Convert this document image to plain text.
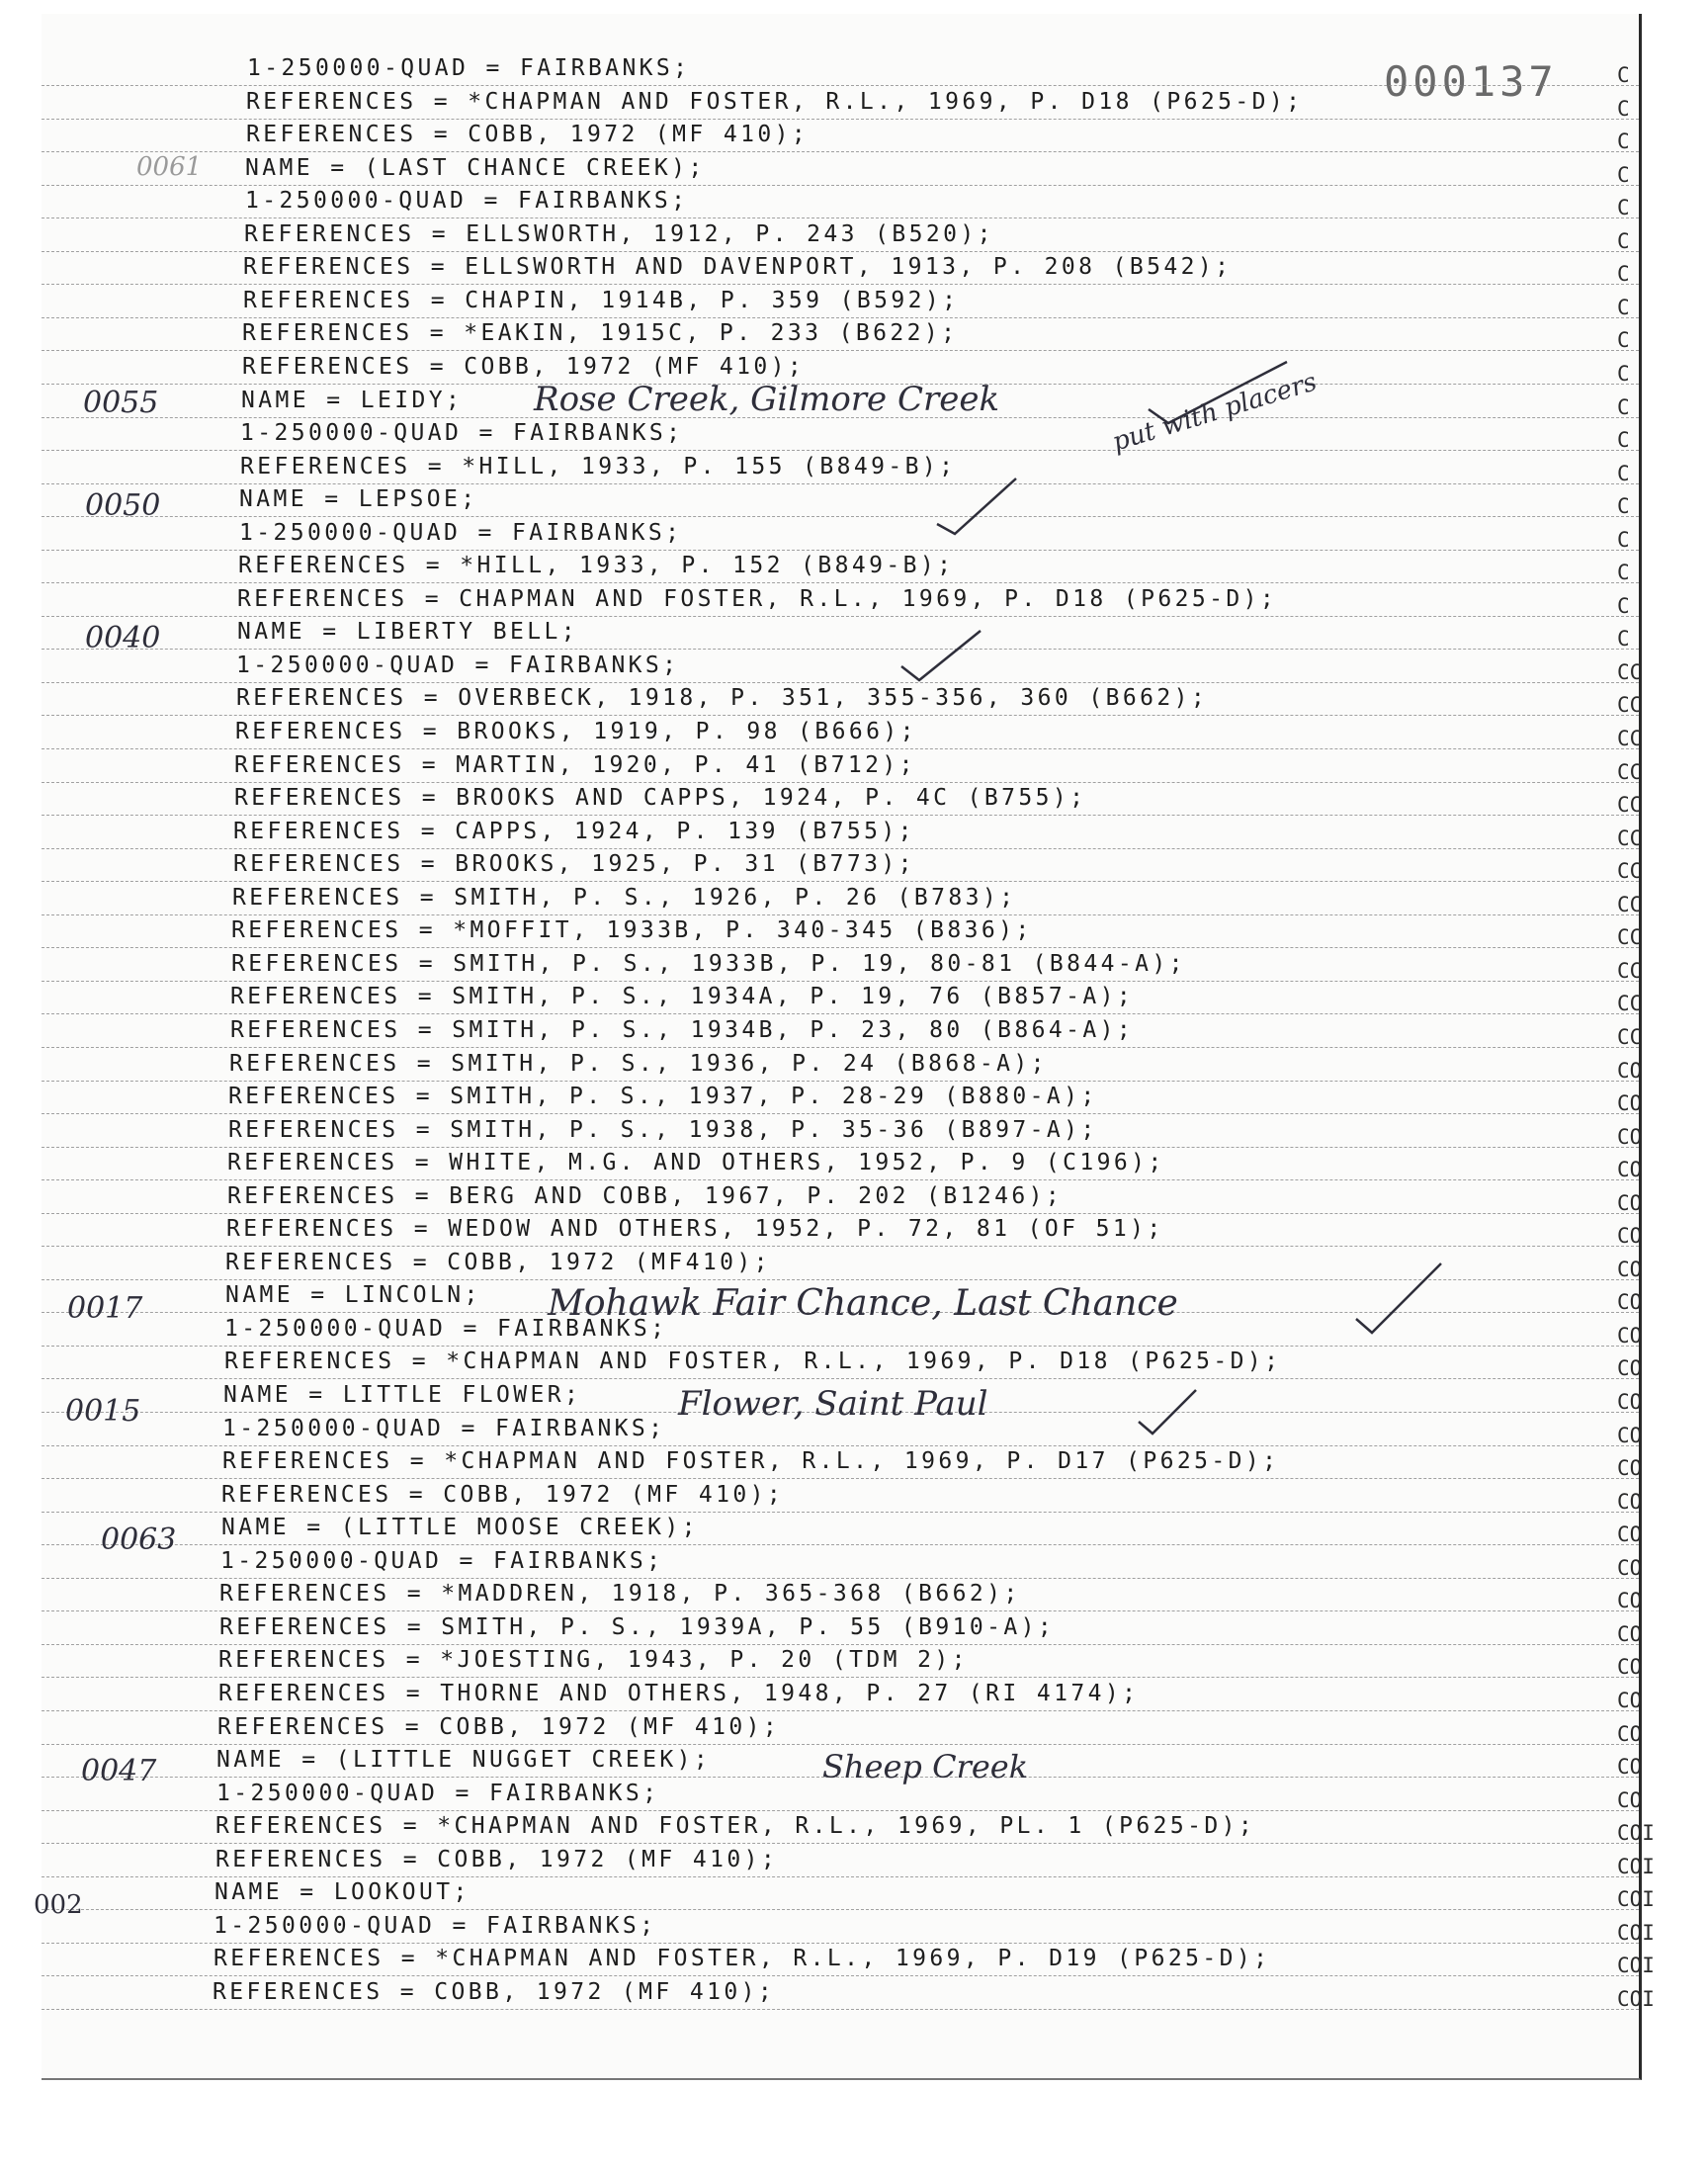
000137
1-250000-QUAD = FAIRBANKS;
REFERENCES = *CHAPMAN AND FOSTER, R.L., 1969, P. D18 (P625-D);
REFERENCES = COBB, 1972 (MF 410);
NAME = (LAST CHANCE CREEK);
1-250000-QUAD = FAIRBANKS;
REFERENCES = ELLSWORTH, 1912, P. 243 (B520);
REFERENCES = ELLSWORTH AND DAVENPORT, 1913, P. 208 (B542);
REFERENCES = CHAPIN, 1914B, P. 359 (B592);
REFERENCES = *EAKIN, 1915C, P. 233 (B622);
REFERENCES = COBB, 1972 (MF 410);
NAME = LEIDY;
1-250000-QUAD = FAIRBANKS;
REFERENCES = *HILL, 1933, P. 155 (B849-B);
NAME = LEPSOE;
1-250000-QUAD = FAIRBANKS;
REFERENCES = *HILL, 1933, P. 152 (B849-B);
REFERENCES = CHAPMAN AND FOSTER, R.L., 1969, P. D18 (P625-D);
NAME = LIBERTY BELL;
1-250000-QUAD = FAIRBANKS;
REFERENCES = OVERBECK, 1918, P. 351, 355-356, 360 (B662);
REFERENCES = BROOKS, 1919, P. 98 (B666);
REFERENCES = MARTIN, 1920, P. 41 (B712);
REFERENCES = BROOKS AND CAPPS, 1924, P. 4C (B755);
REFERENCES = CAPPS, 1924, P. 139 (B755);
REFERENCES = BROOKS, 1925, P. 31 (B773);
REFERENCES = SMITH, P. S., 1926, P. 26 (B783);
REFERENCES = *MOFFIT, 1933B, P. 340-345 (B836);
REFERENCES = SMITH, P. S., 1933B, P. 19, 80-81 (B844-A);
REFERENCES = SMITH, P. S., 1934A, P. 19, 76 (B857-A);
REFERENCES = SMITH, P. S., 1934B, P. 23, 80 (B864-A);
REFERENCES = SMITH, P. S., 1936, P. 24 (B868-A);
REFERENCES = SMITH, P. S., 1937, P. 28-29 (B880-A);
REFERENCES = SMITH, P. S., 1938, P. 35-36 (B897-A);
REFERENCES = WHITE, M.G. AND OTHERS, 1952, P. 9 (C196);
REFERENCES = BERG AND COBB, 1967, P. 202 (B1246);
REFERENCES = WEDOW AND OTHERS, 1952, P. 72, 81 (OF 51);
REFERENCES = COBB, 1972 (MF410);
NAME = LINCOLN;
1-250000-QUAD = FAIRBANKS;
REFERENCES = *CHAPMAN AND FOSTER, R.L., 1969, P. D18 (P625-D);
NAME = LITTLE FLOWER;
1-250000-QUAD = FAIRBANKS;
REFERENCES = *CHAPMAN AND FOSTER, R.L., 1969, P. D17 (P625-D);
REFERENCES = COBB, 1972 (MF 410);
NAME = (LITTLE MOOSE CREEK);
1-250000-QUAD = FAIRBANKS;
REFERENCES = *MADDREN, 1918, P. 365-368 (B662);
REFERENCES = SMITH, P. S., 1939A, P. 55 (B910-A);
REFERENCES = *JOESTING, 1943, P. 20 (TDM 2);
REFERENCES = THORNE AND OTHERS, 1948, P. 27 (RI 4174);
REFERENCES = COBB, 1972 (MF 410);
NAME = (LITTLE NUGGET CREEK);
1-250000-QUAD = FAIRBANKS;
REFERENCES = *CHAPMAN AND FOSTER, R.L., 1969, PL. 1 (P625-D);
REFERENCES = COBB, 1972 (MF 410);
NAME = LOOKOUT;
1-250000-QUAD = FAIRBANKS;
REFERENCES = *CHAPMAN AND FOSTER, R.L., 1969, P. D19 (P625-D);
REFERENCES = COBB, 1972 (MF 410);
C
C
C
C
C
C
C
C
C
C
C
C
C
C
C
C
C
C
CC
CC
CC
CC
CC
CC
CC
CC
CC
CC
CC
CC
CO
CO
CO
CO
CO
CO
CO
CO
CO
CO
CO
CO
CO
CO
CO
CO
CO
CO
CO
CO
CO
CO
CO
COI
COI
COI
COI
COI
COI
0061
0055
0050
0040
0017
0015
0063
0047
002
Rose Creek, Gilmore Creek	put with placers
Mohawk Fair Chance, Last Chance
Flower, Saint Paul
Sheep Creek
